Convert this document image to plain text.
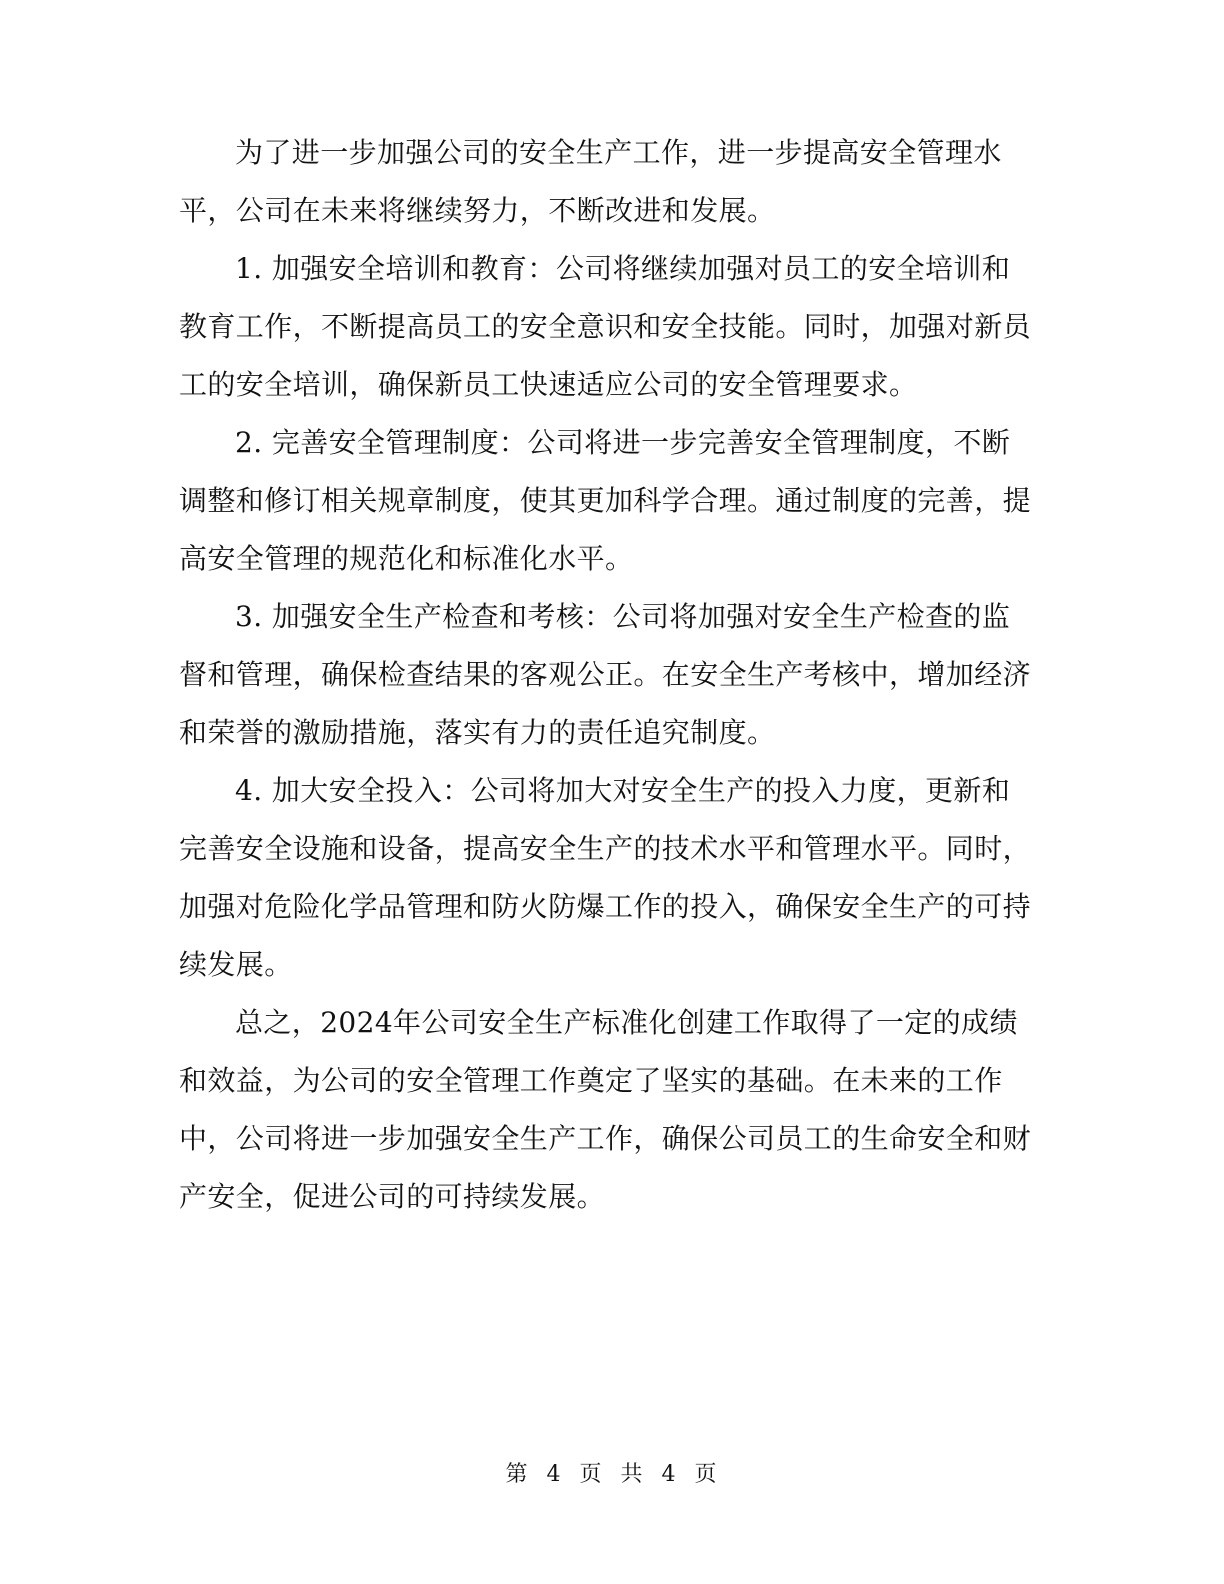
为了进一步加强公司的安全生产工作，进一步提高安全管理水平，公司在未来将继续努力，不断改进和发展。

1. 加强安全培训和教育：公司将继续加强对员工的安全培训和教育工作，不断提高员工的安全意识和安全技能。同时，加强对新员工的安全培训，确保新员工快速适应公司的安全管理要求。

2. 完善安全管理制度：公司将进一步完善安全管理制度，不断调整和修订相关规章制度，使其更加科学合理。通过制度的完善，提高安全管理的规范化和标准化水平。

3. 加强安全生产检查和考核：公司将加强对安全生产检查的监督和管理，确保检查结果的客观公正。在安全生产考核中，增加经济和荣誉的激励措施，落实有力的责任追究制度。

4. 加大安全投入：公司将加大对安全生产的投入力度，更新和完善安全设施和设备，提高安全生产的技术水平和管理水平。同时，加强对危险化学品管理和防火防爆工作的投入，确保安全生产的可持续发展。

总之，2024年公司安全生产标准化创建工作取得了一定的成绩和效益，为公司的安全管理工作奠定了坚实的基础。在未来的工作中，公司将进一步加强安全生产工作，确保公司员工的生命安全和财产安全，促进公司的可持续发展。

第 4 页 共 4 页
